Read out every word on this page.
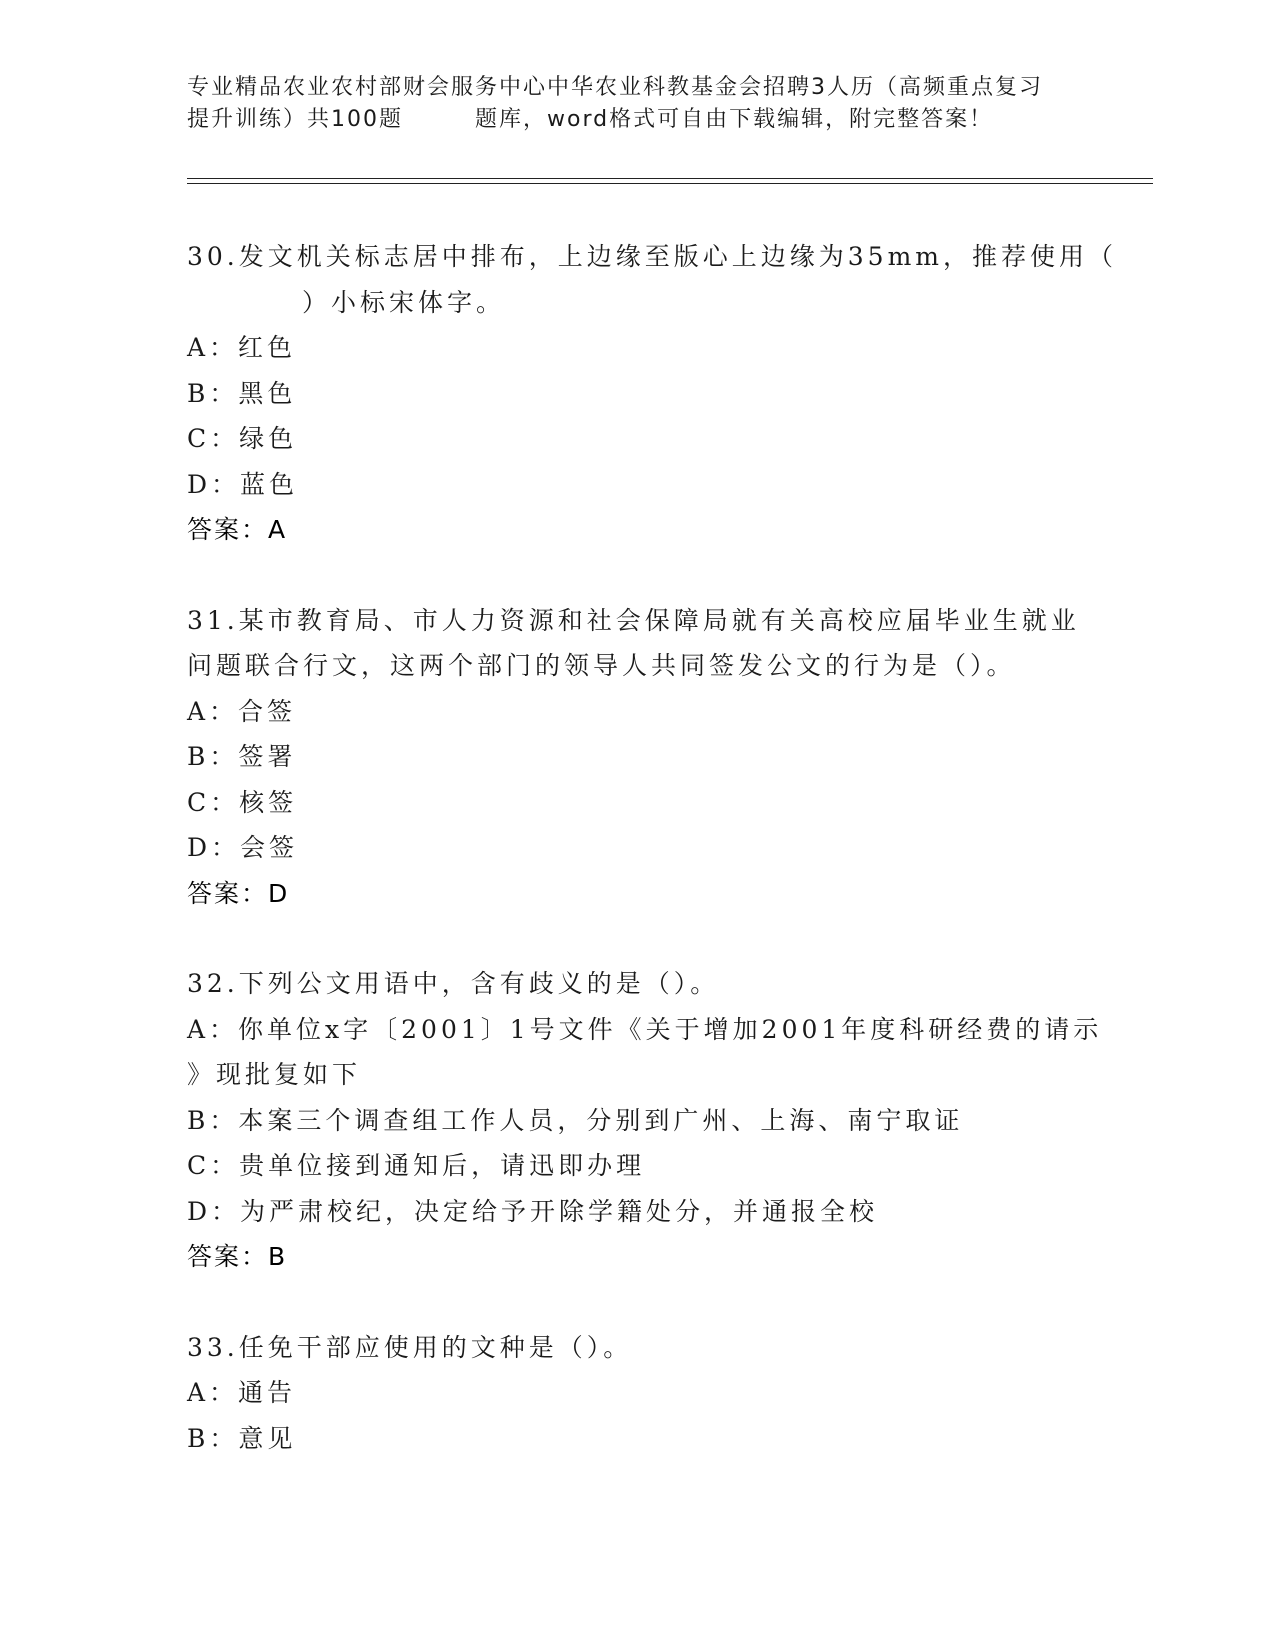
专业精品农业农村部财会服务中心中华农业科教基金会招聘3人历（高频重点复习
提升训练）共100题	题库，word格式可自由下载编辑，附完整答案！
30.发文机关标志居中排布，上边缘至版心上边缘为35mm，推荐使用（
）小标宋体字。
A：红色
B：黑色
C：绿色
D：蓝色
答案：A
31.某市教育局、市人力资源和社会保障局就有关高校应届毕业生就业
问题联合行文，这两个部门的领导人共同签发公文的行为是（）。
A：合签
B：签署
C：核签
D：会签
答案：D
32.下列公文用语中，含有歧义的是（）。
A：你单位x字〔2001〕1号文件《关于增加2001年度科研经费的请示
》现批复如下
B：本案三个调查组工作人员，分别到广州、上海、南宁取证
C：贵单位接到通知后，请迅即办理
D：为严肃校纪，决定给予开除学籍处分，并通报全校
答案：B
33.任免干部应使用的文种是（）。
A：通告
B：意见
